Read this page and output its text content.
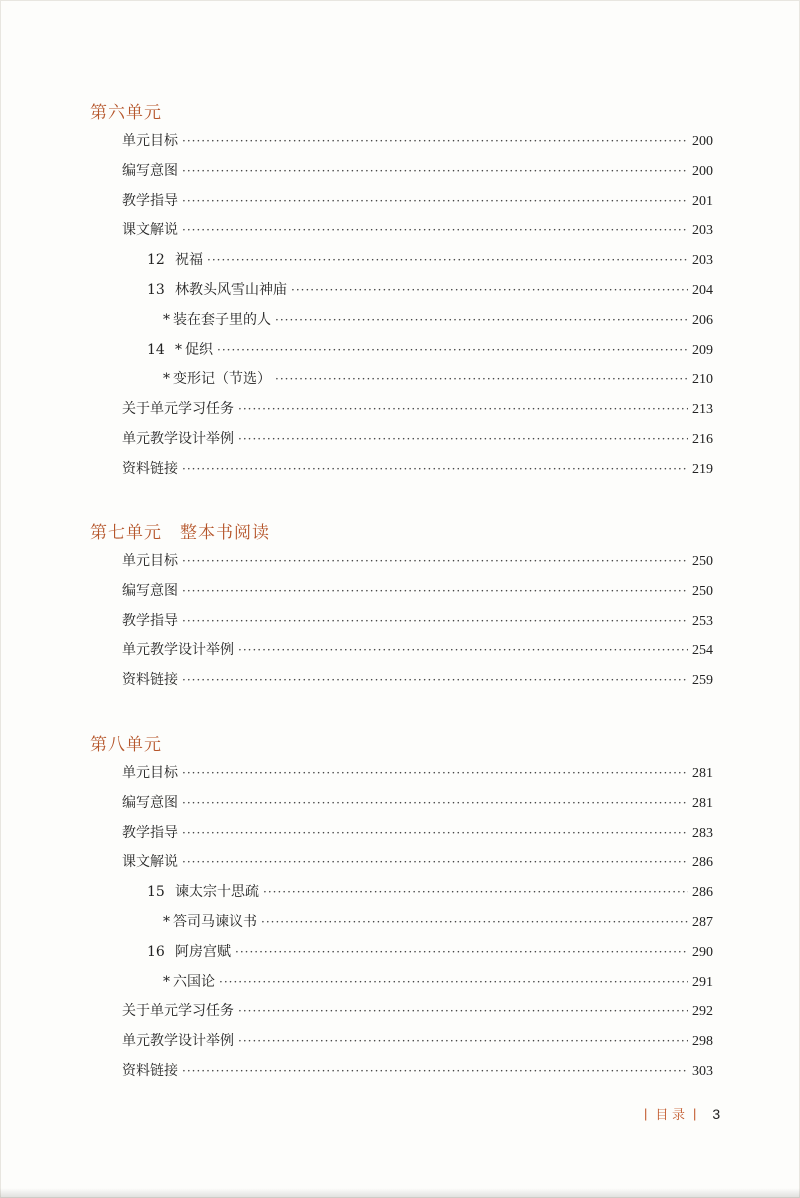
第六单元
单元目标 ·····	200
编写意图 ·····	200
教学指导 ·····	201
课文解说 ·····	203
12 祝福 ·····	203
13 林教头风雪山神庙 ·····	204
* 装在套子里的人 ·····	206
14 * 促织 ·····	209
* 变形记（节选） ·····	210
关于单元学习任务 ·····	213
单元教学设计举例 ·····	216
资料链接 ·····	219
第七单元　整本书阅读
单元目标 ·····	250
编写意图 ·····	250
教学指导 ·····	253
单元教学设计举例 ·····	254
资料链接 ·····	259
第八单元
单元目标 ·····	281
编写意图 ·····	281
教学指导 ·····	283
课文解说 ·····	286
15 谏太宗十思疏 ·····	286
* 答司马谏议书 ·····	287
16 阿房宫赋 ·····	290
* 六国论 ·····	291
关于单元学习任务 ·····	292
单元教学设计举例 ·····	298
资料链接 ·····	303
| 目 录 | 3
